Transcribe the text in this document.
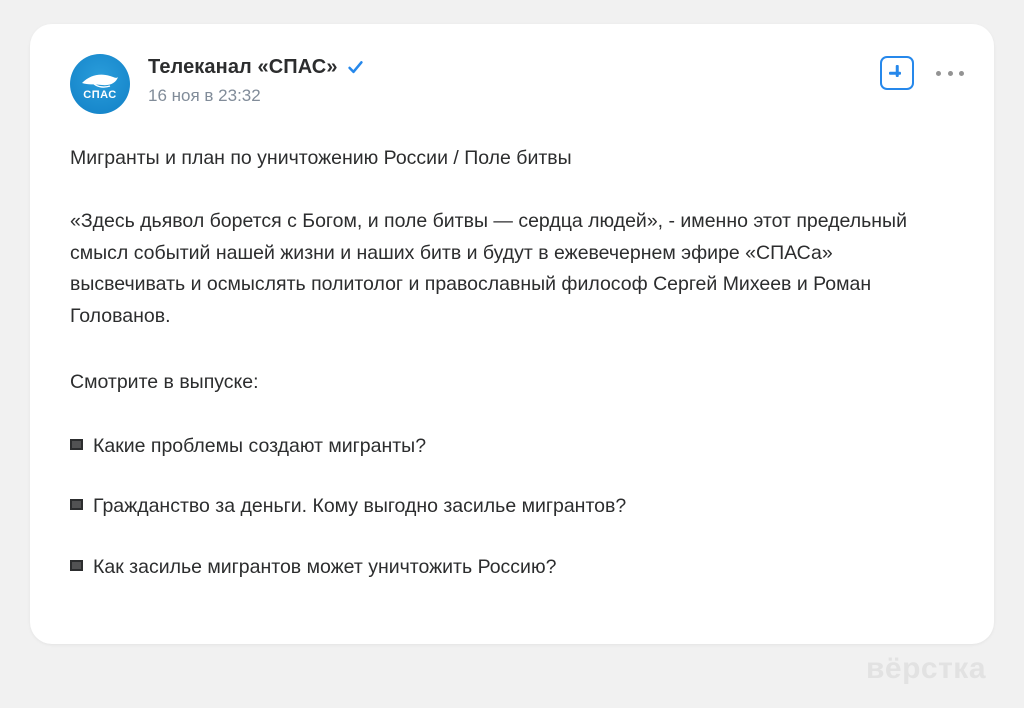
СПАС
Телеканал «СПАС»
16 ноя в 23:32
Мигранты и план по уничтожению России / Поле битвы
«Здесь дьявол борется с Богом, и поле битвы — сердца людей», - именно этот предельный смысл событий нашей жизни и наших битв и будут в ежевечернем эфире «СПАСа» высвечивать и осмыслять политолог и православный философ Сергей Михеев и Роман Голованов.
Смотрите в выпуске:
Какие проблемы создают мигранты?
Гражданство за деньги. Кому выгодно засилье мигрантов?
Как засилье мигрантов может уничтожить Россию?
вёрстка
